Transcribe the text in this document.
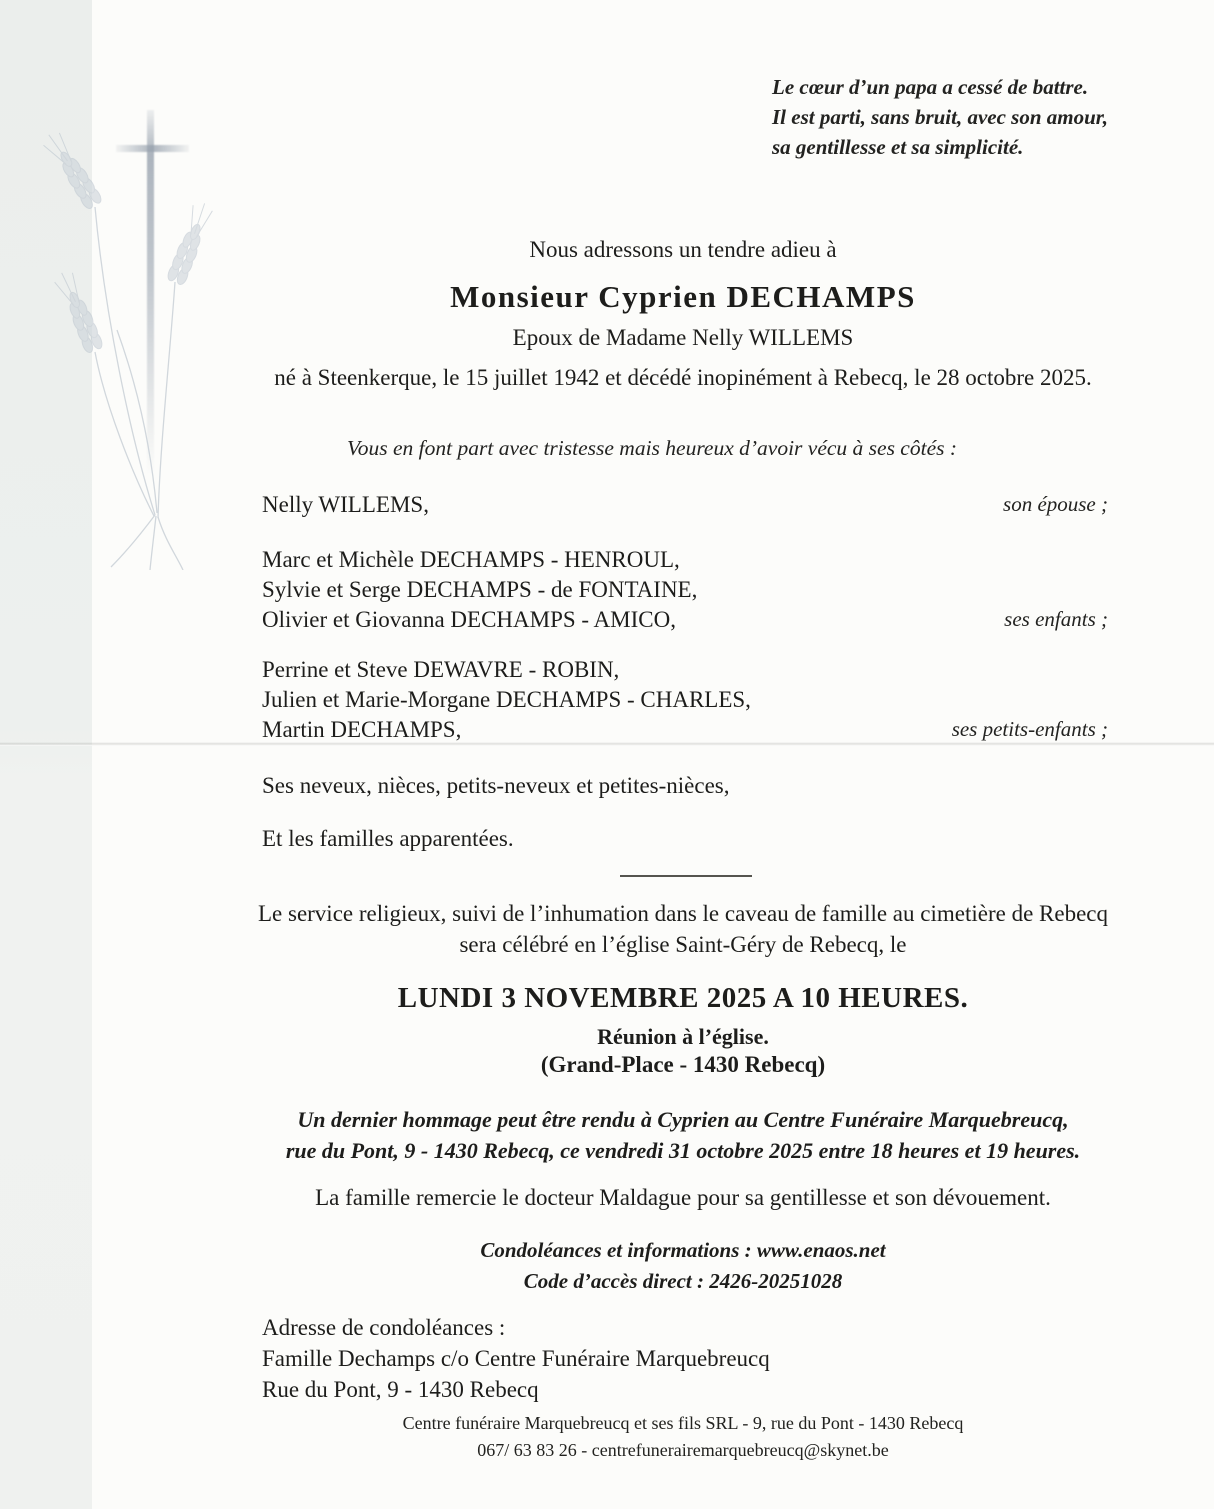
Le cœur d’un papa a cessé de battre.
Il est parti, sans bruit, avec son amour,
sa gentillesse et sa simplicité.
Nous adressons un tendre adieu à
Monsieur Cyprien DECHAMPS
Epoux de Madame Nelly WILLEMS
né à Steenkerque, le 15 juillet 1942 et décédé inopinément à Rebecq, le 28 octobre 2025.
Vous en font part avec tristesse mais heureux d’avoir vécu à ses côtés :
Nelly WILLEMS,	son épouse ;
Marc et Michèle DECHAMPS - HENROUL,
Sylvie et Serge DECHAMPS - de FONTAINE,
Olivier et Giovanna DECHAMPS - AMICO,	ses enfants ;
Perrine et Steve DEWAVRE - ROBIN,
Julien et Marie-Morgane DECHAMPS - CHARLES,
Martin DECHAMPS,	ses petits-enfants ;
Ses neveux, nièces, petits-neveux et petites-nièces,
Et les familles apparentées.
Le service religieux, suivi de l’inhumation dans le caveau de famille au cimetière de Rebecq
sera célébré en l’église Saint-Géry de Rebecq, le
LUNDI 3 NOVEMBRE 2025 A 10 HEURES.
Réunion à l’église.
(Grand-Place - 1430 Rebecq)
Un dernier hommage peut être rendu à Cyprien au Centre Funéraire Marquebreucq,
rue du Pont, 9 - 1430 Rebecq, ce vendredi 31 octobre 2025 entre 18 heures et 19 heures.
La famille remercie le docteur Maldague pour sa gentillesse et son dévouement.
Condoléances et informations : www.enaos.net
Code d’accès direct : 2426-20251028
Adresse de condoléances :
Famille Dechamps c/o Centre Funéraire Marquebreucq
Rue du Pont, 9 - 1430 Rebecq
Centre funéraire Marquebreucq et ses fils SRL - 9, rue du Pont - 1430 Rebecq
067/ 63 83 26 - centrefunerairemarquebreucq@skynet.be
